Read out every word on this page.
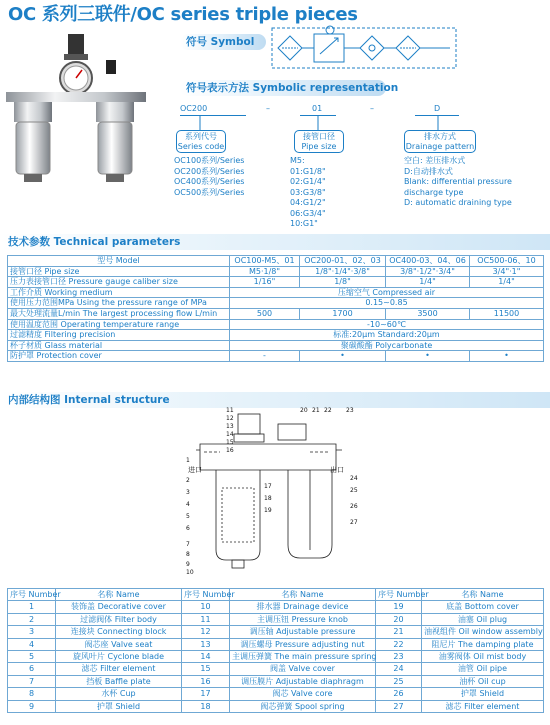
OC 系列三联件/OC series triple pieces
符号 Symbol
符号表示方法 Symbolic representation
OC200	–	01	–	D
系列代号
Series code
接管口径
Pipe size
排水方式
Drainage pattern
OC100系列/Series
OC200系列/Series
OC400系列/Series
OC500系列/Series
M5:
01:G1/8"
02:G1/4"
03:G3/8"
04:G1/2"
06:G3/4"
10:G1"
空白: 差压排水式
D:自动排水式
Blank: differential pressure
discharge type
D: automatic draining type
技术参数 Technical parameters
型号 Model	OC100-M5、01	OC200-01、02、03	OC400-03、04、06	OC500-06、10
接管口径 Pipe size	M5·1/8"	1/8"·1/4"·3/8"	3/8"·1/2"·3/4"	3/4"·1"
压力表接管口径 Pressure gauge caliber size	1/16"	1/8"	1/4"	1/4"
工作介质 Working medium	压缩空气 Compressed air			
使用压力范围MPa Using the pressure range of MPa	0.15~0.85			
最大处理流量L/min The largest processing flow L/min	500	1700	3500	11500
使用温度范围 Operating temperature range	-10~60℃			
过滤精度 Filtering precision	标准:20μm Standard:20μm			
杯子材质 Glass material	聚碳酸酯 Polycarbonate			
防护罩 Protection cover	-	•	•	•
内部结构图 Internal structure
进口	出口
11
12
13
14
15
16
1
2
3
4
5
6
7
8
9
10
20 21 22 23
24
25
26
27
17
18
19
序号 Number	名称 Name	序号 Number	名称 Name	序号 Number	名称 Name
1	装饰盖 Decorative cover	10	排水器 Drainage device	19	底盖 Bottom cover
2	过滤阀体 Filter body	11	主调压钮 Pressure knob	20	油塞 Oil plug
3	连接块 Connecting block	12	调压轴 Adjustable pressure	21	油视组件 Oil window assembly
4	阀芯座 Valve seat	13	调压螺母 Pressure adjusting nut	22	阻尼片 The damping plate
5	旋风叶片 Cyclone blade	14	主调压弹簧 The main pressure spring	23	油雾阀体 Oil mist body
6	滤芯 Filter element	15	阀盖 Valve cover	24	油管 Oil pipe
7	挡板 Baffle plate	16	调压膜片 Adjustable diaphragm	25	油杯 Oil cup
8	水杯 Cup	17	阀芯 Valve core	26	护罩 Shield
9	护罩 Shield	18	阀芯弹簧 Spool spring	27	滤芯 Filter element
